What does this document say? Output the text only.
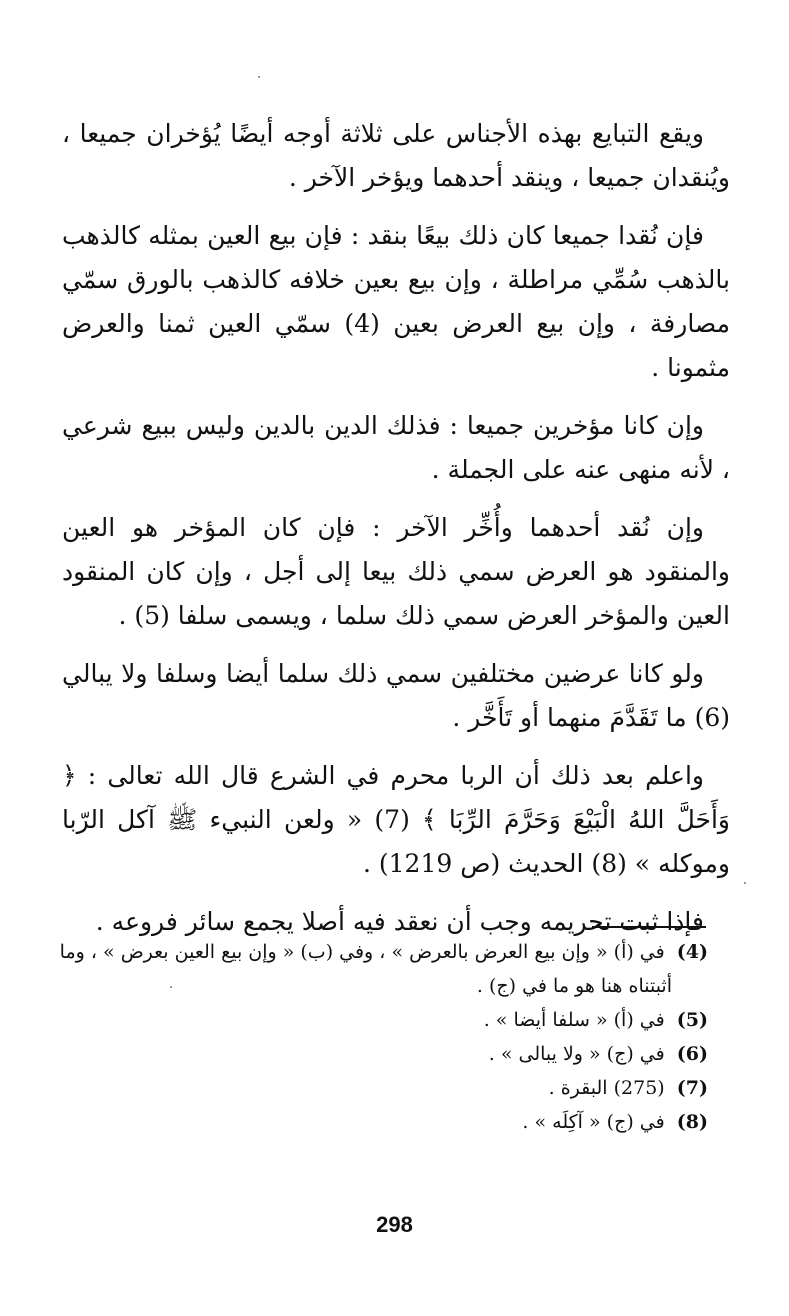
ويقع التبايع بهذه الأجناس على ثلاثة أوجه أيضًا يُؤخران جميعا ، ويُنقدان جميعا ، وينقد أحدهما ويؤخر الآخر .

فإن نُقدا جميعا كان ذلك بيعًا بنقد : فإن بيع العين بمثله كالذهب بالذهب سُمِّي مراطلة ، وإن بيع بعين خلافه كالذهب بالورق سمّي مصارفة ، وإن بيع العرض بعين (4) سمّي العين ثمنا والعرض مثمونا .

وإن كانا مؤخرين جميعا : فذلك الدين بالدين وليس ببيع شرعي ، لأنه منهى عنه على الجملة .

وإن نُقد أحدهما وأُخِّر الآخر : فإن كان المؤخر هو العين والمنقود هو العرض سمي ذلك بيعا إلى أجل ، وإن كان المنقود العين والمؤخر العرض سمي ذلك سلما ، ويسمى سلفا (5) .

ولو كانا عرضين مختلفين سمي ذلك سلما أيضا وسلفا ولا يبالي (6) ما تَقَدَّمَ منهما أو تَأَخَّر .

واعلم بعد ذلك أن الربا محرم في الشرع قال الله تعالى : ﴿ وَأَحَلَّ اللهُ الْبَيْعَ وَحَرَّمَ الرِّبَا ﴾ (7) « ولعن النبيء ﷺ آكل الرّبا وموكله » (8) الحديث (ص 1219) .

فإذا ثبت تحريمه وجب أن نعقد فيه أصلا يجمع سائر فروعه .

(4) في (أ) « وإن بيع العرض بالعرض » ، وفي (ب) « وإن بيع العين بعرض » ، وما

أثبتناه هنا هو ما في (ج) .

(5) في (أ) « سلفا أيضا » .

(6) في (ج) « ولا يبالى » .

(7) (275) البقرة .

(8) في (ج) « آكِلَه » .

298
